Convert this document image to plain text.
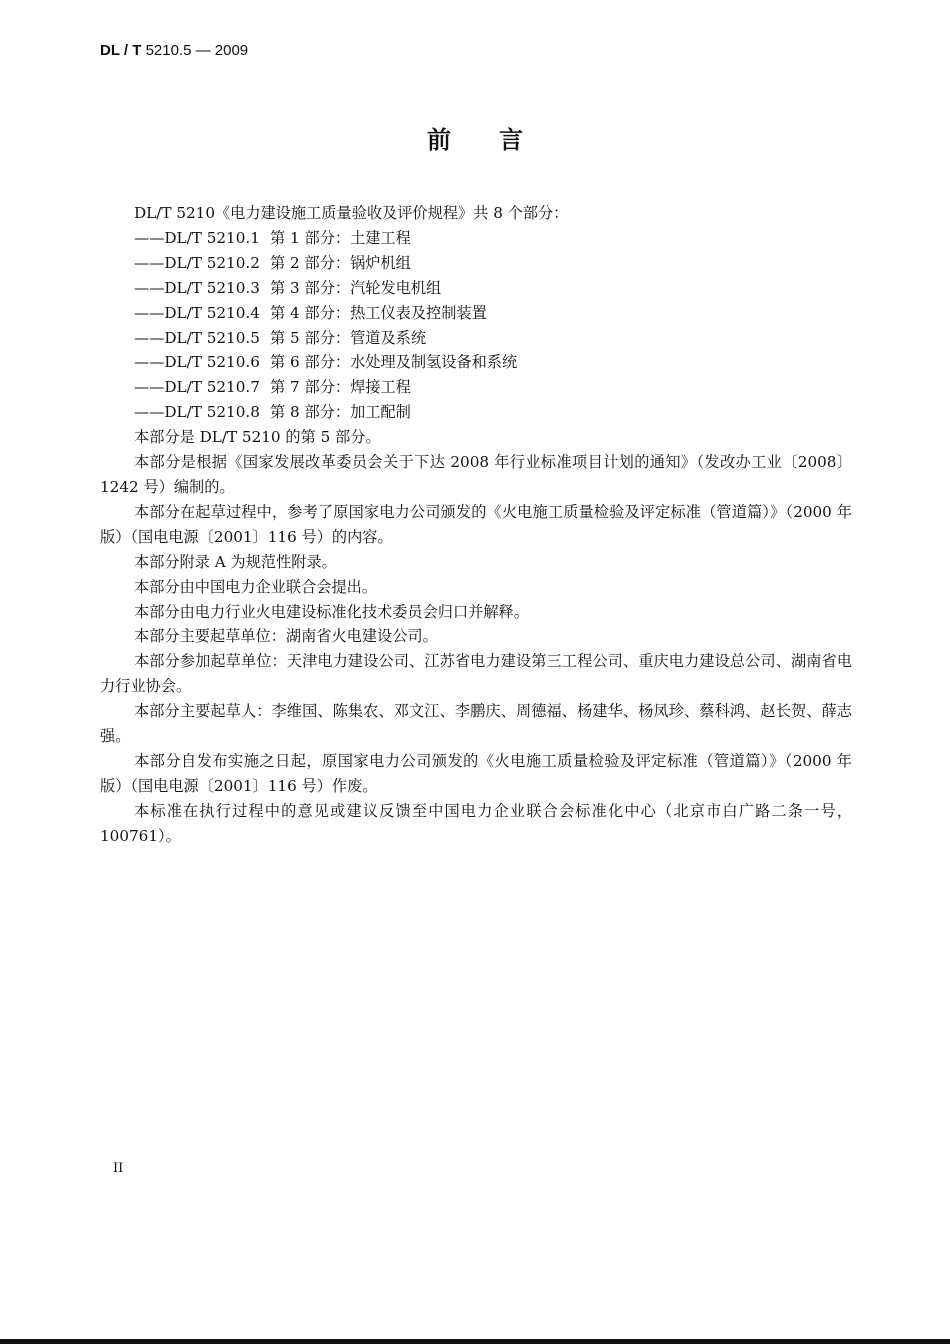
DL / T 5210.5 — 2009
前 言

DL/T 5210《电力建设施工质量验收及评价规程》共 8 个部分：

——DL/T 5210.1 第 1 部分：土建工程
——DL/T 5210.2 第 2 部分：锅炉机组
——DL/T 5210.3 第 3 部分：汽轮发电机组
——DL/T 5210.4 第 4 部分：热工仪表及控制装置
——DL/T 5210.5 第 5 部分：管道及系统
——DL/T 5210.6 第 6 部分：水处理及制氢设备和系统
——DL/T 5210.7 第 7 部分：焊接工程
——DL/T 5210.8 第 8 部分：加工配制

本部分是 DL/T 5210 的第 5 部分。

本部分是根据《国家发展改革委员会关于下达 2008 年行业标准项目计划的通知》（发改办工业〔2008〕1242 号）编制的。

本部分在起草过程中，参考了原国家电力公司颁发的《火电施工质量检验及评定标准（管道篇）》（2000 年版）（国电电源〔2001〕116 号）的内容。

本部分附录 A 为规范性附录。

本部分由中国电力企业联合会提出。

本部分由电力行业火电建设标准化技术委员会归口并解释。

本部分主要起草单位：湖南省火电建设公司。

本部分参加起草单位：天津电力建设公司、江苏省电力建设第三工程公司、重庆电力建设总公司、湖南省电力行业协会。

本部分主要起草人：李维国、陈集农、邓文江、李鹏庆、周德福、杨建华、杨凤珍、蔡科鸿、赵长贺、薛志强。

本部分自发布实施之日起，原国家电力公司颁发的《火电施工质量检验及评定标准（管道篇）》（2000 年版）（国电电源〔2001〕116 号）作废。

本标准在执行过程中的意见或建议反馈至中国电力企业联合会标准化中心（北京市白广路二条一号，100761）。

II
